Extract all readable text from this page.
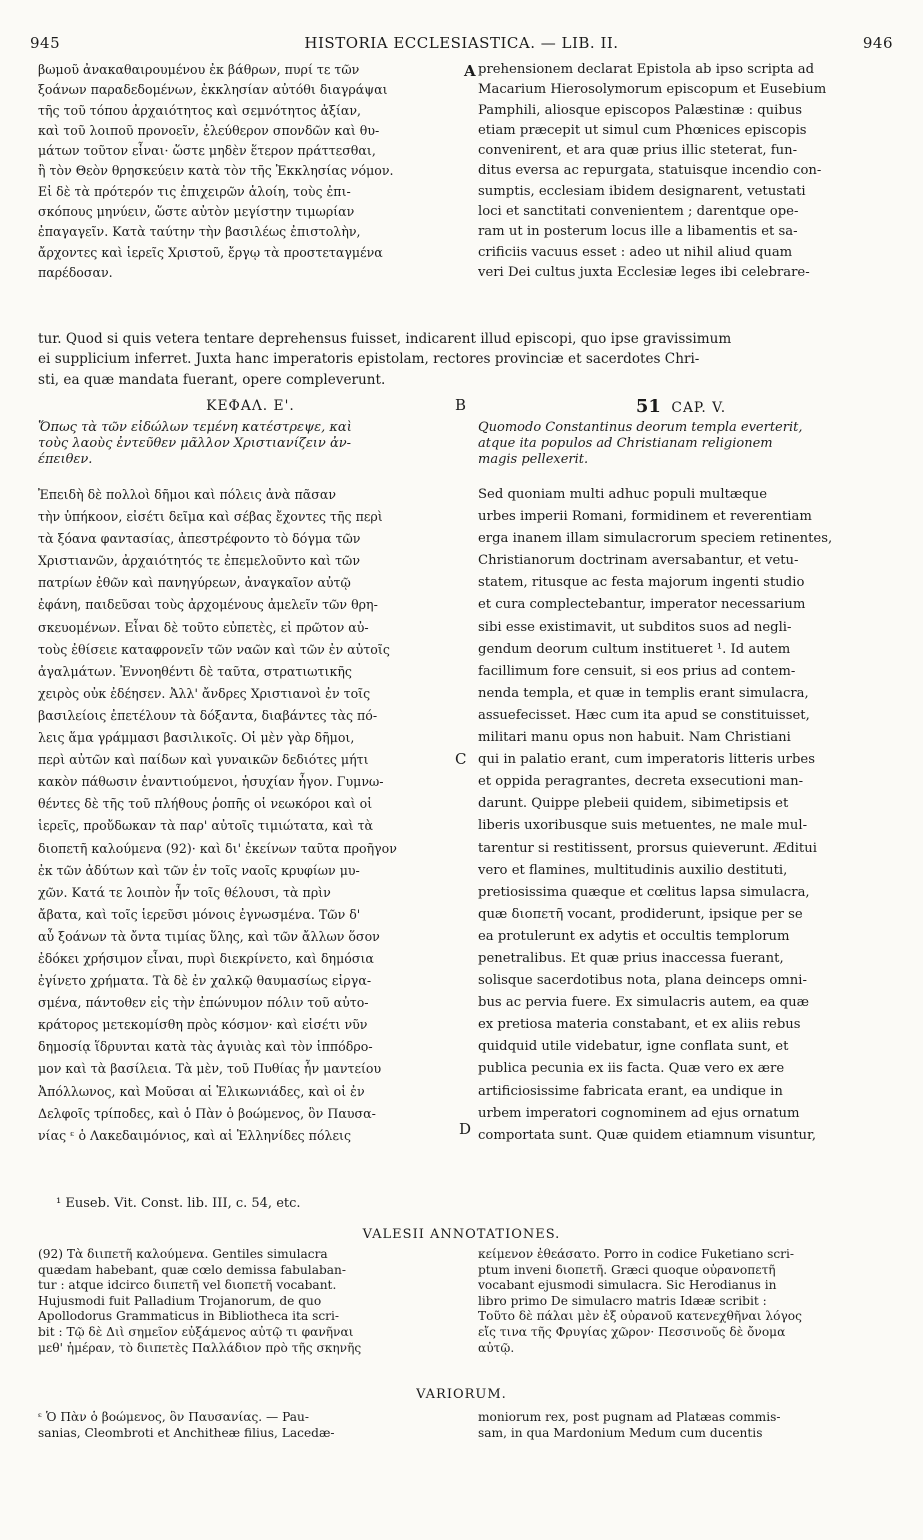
945	HISTORIA ECCLESIASTICA. — LIB. II.	946
βωμοῦ ἀνακαθαιρουμένου ἐκ βάθρων, πυρί τε τῶν
ξοάνων παραδεδομένων, ἐκκλησίαν αὐτόθι διαγράψαι
τῆς τοῦ τόπου ἀρχαιότητος καὶ σεμνότητος ἀξίαν,
καὶ τοῦ λοιποῦ προνοεῖν, ἐλεύθερον σπονδῶν καὶ θυ-
μάτων τοῦτον εἶναι· ὥστε μηδὲν ἕτερον πράττεσθαι,
ἢ τὸν Θεὸν θρησκεύειν κατὰ τὸν τῆς Ἐκκλησίας νόμον.
Εἰ δὲ τὰ πρότερόν τις ἐπιχειρῶν ἁλοίη, τοὺς ἐπι-
σκόπους μηνύειν, ὥστε αὐτὸν μεγίστην τιμωρίαν
ἐπαγαγεῖν. Κατὰ ταύτην τὴν βασιλέως ἐπιστολὴν,
ἄρχοντες καὶ ἱερεῖς Χριστοῦ, ἔργῳ τὰ προστεταγμένα
παρέδοσαν.
prehensionem declarat Epistola ab ipso scripta ad
Macarium Hierosolymorum episcopum et Eusebium
Pamphili, aliosque episcopos Palæstinæ : quibus
etiam præcepit ut simul cum Phœnices episcopis
convenirent, et ara quæ prius illic steterat, fun-
ditus eversa ac repurgata, statuisque incendio con-
sumptis, ecclesiam ibidem designarent, vetustati
loci et sanctitati convenientem ; darentque ope-
ram ut in posterum locus ille a libamentis et sa-
crificiis vacuus esset : adeo ut nihil aliud quam
veri Dei cultus juxta Ecclesiæ leges ibi celebrare-
tur. Quod si quis vetera tentare deprehensus fuisset, indicarent illud episcopi, quo ipse gravissimum
ei supplicium inferret. Juxta hanc imperatoris epistolam, rectores provinciæ et sacerdotes Chri-
sti, ea quæ mandata fuerant, opere compleverunt.
A
B
C
D
ΚΕΦΑΛ. Ε'.
Ὅπως τὰ τῶν εἰδώλων τεμένη κατέστρεψε, καὶ
τοὺς λαοὺς ἐντεῦθεν μᾶλλον Χριστιανίζειν ἀν-
έπειθεν.
51 CAP. V.
Quomodo Constantinus deorum templa everterit,
atque ita populos ad Christianam religionem
magis pellexerit.
Ἐπειδὴ δὲ πολλοὶ δῆμοι καὶ πόλεις ἀνὰ πᾶσαν
τὴν ὑπήκοον, εἰσέτι δεῖμα καὶ σέβας ἔχοντες τῆς περὶ
τὰ ξόανα φαντασίας, ἀπεστρέφοντο τὸ δόγμα τῶν
Χριστιανῶν, ἀρχαιότητός τε ἐπεμελοῦντο καὶ τῶν
πατρίων ἐθῶν καὶ πανηγύρεων, ἀναγκαῖον αὐτῷ
ἐφάνη, παιδεῦσαι τοὺς ἀρχομένους ἀμελεῖν τῶν θρη-
σκευομένων. Εἶναι δὲ τοῦτο εὐπετὲς, εἰ πρῶτον αὐ-
τοὺς ἐθίσειε καταφρονεῖν τῶν ναῶν καὶ τῶν ἐν αὐτοῖς
ἀγαλμάτων. Ἐννοηθέντι δὲ ταῦτα, στρατιωτικῆς
χειρὸς οὐκ ἐδέησεν. Ἀλλ' ἄνδρες Χριστιανοὶ ἐν τοῖς
βασιλείοις ἐπετέλουν τὰ δόξαντα, διαβάντες τὰς πό-
λεις ἅμα γράμμασι βασιλικοῖς. Οἱ μὲν γὰρ δῆμοι,
περὶ αὐτῶν καὶ παίδων καὶ γυναικῶν δεδιότες μήτι
κακὸν πάθωσιν ἐναντιούμενοι, ἡσυχίαν ἦγον. Γυμνω-
θέντες δὲ τῆς τοῦ πλήθους ῥοπῆς οἱ νεωκόροι καὶ οἱ
ἱερεῖς, προὔδωκαν τὰ παρ' αὐτοῖς τιμιώτατα, καὶ τὰ
διοπετῆ καλούμενα (92)· καὶ δι' ἐκείνων ταῦτα προῆγον
ἐκ τῶν ἀδύτων καὶ τῶν ἐν τοῖς ναοῖς κρυφίων μυ-
χῶν. Κατά τε λοιπὸν ἦν τοῖς θέλουσι, τὰ πρὶν
ἄβατα, καὶ τοῖς ἱερεῦσι μόνοις ἐγνωσμένα. Τῶν δ'
αὖ ξοάνων τὰ ὄντα τιμίας ὕλης, καὶ τῶν ἄλλων ὅσον
ἐδόκει χρήσιμον εἶναι, πυρὶ διεκρίνετο, καὶ δημόσια
ἐγίνετο χρήματα. Τὰ δὲ ἐν χαλκῷ θαυμασίως εἰργα-
σμένα, πάντοθεν εἰς τὴν ἐπώνυμον πόλιν τοῦ αὐτο-
κράτορος μετεκομίσθη πρὸς κόσμον· καὶ εἰσέτι νῦν
δημοσίᾳ ἵδρυνται κατὰ τὰς ἀγυιὰς καὶ τὸν ἱππόδρο-
μον καὶ τὰ βασίλεια. Τὰ μὲν, τοῦ Πυθίας ἦν μαντείου
Ἀπόλλωνος, καὶ Μοῦσαι αἱ Ἑλικωνιάδες, καὶ οἱ ἐν
Δελφοῖς τρίποδες, καὶ ὁ Πὰν ὁ βοώμενος, ὃν Παυσα-
νίας ᵋ ὁ Λακεδαιμόνιος, καὶ αἱ Ἑλληνίδες πόλεις
Sed quoniam multi adhuc populi multæque
urbes imperii Romani, formidinem et reverentiam
erga inanem illam simulacrorum speciem retinentes,
Christianorum doctrinam aversabantur, et vetu-
statem, ritusque ac festa majorum ingenti studio
et cura complectebantur, imperator necessarium
sibi esse existimavit, ut subditos suos ad negli-
gendum deorum cultum institueret ¹. Id autem
facillimum fore censuit, si eos prius ad contem-
nenda templa, et quæ in templis erant simulacra,
assuefecisset. Hæc cum ita apud se constituisset,
militari manu opus non habuit. Nam Christiani
qui in palatio erant, cum imperatoris litteris urbes
et oppida peragrantes, decreta exsecutioni man-
darunt. Quippe plebeii quidem, sibimetipsis et
liberis uxoribusque suis metuentes, ne male mul-
tarentur si restitissent, prorsus quieverunt. Æditui
vero et flamines, multitudinis auxilio destituti,
pretiosissima quæque et cœlitus lapsa simulacra,
quæ διοπετῆ vocant, prodiderunt, ipsique per se
ea protulerunt ex adytis et occultis templorum
penetralibus. Et quæ prius inaccessa fuerant,
solisque sacerdotibus nota, plana deinceps omni-
bus ac pervia fuere. Ex simulacris autem, ea quæ
ex pretiosa materia constabant, et ex aliis rebus
quidquid utile videbatur, igne conflata sunt, et
publica pecunia ex iis facta. Quæ vero ex ære
artificiosissime fabricata erant, ea undique in
urbem imperatori cognominem ad ejus ornatum
comportata sunt. Quæ quidem etiamnum visuntur,
¹ Euseb. Vit. Const. lib. III, c. 54, etc.
VALESII ANNOTATIONES.
(92) Τὰ διιπετῆ καλούμενα. Gentiles simulacra
quædam habebant, quæ cœlo demissa fabulaban-
tur : atque idcirco διιπετῆ vel διοπετῆ vocabant.
Hujusmodi fuit Palladium Trojanorum, de quo
Apollodorus Grammaticus in Bibliotheca ita scri-
bit : Τῷ δὲ Διὶ σημεῖον εὐξάμενος αὐτῷ τι φανῆναι
μεθ' ἡμέραν, τὸ διιπετὲς Παλλάδιον πρὸ τῆς σκηνῆς
κείμενον ἐθεάσατο. Porro in codice Fuketiano scri-
ptum inveni διοπετῆ. Græci quoque οὐρανοπετῆ
vocabant ejusmodi simulacra. Sic Herodianus in
libro primo De simulacro matris Idææ scribit :
Τοῦτο δὲ πάλαι μὲν ἐξ οὐρανοῦ κατενεχθῆναι λόγος
εἴς τινα τῆς Φρυγίας χῶρον· Πεσσινοῦς δὲ ὄνομα
αὐτῷ.
VARIORUM.
ᵋ Ὁ Πὰν ὁ βοώμενος, ὃν Παυσανίας. — Pau-
sanias, Cleombroti et Anchitheæ filius, Lacedæ-
moniorum rex, post pugnam ad Platæas commis-
sam, in qua Mardonium Medum cum ducentis
